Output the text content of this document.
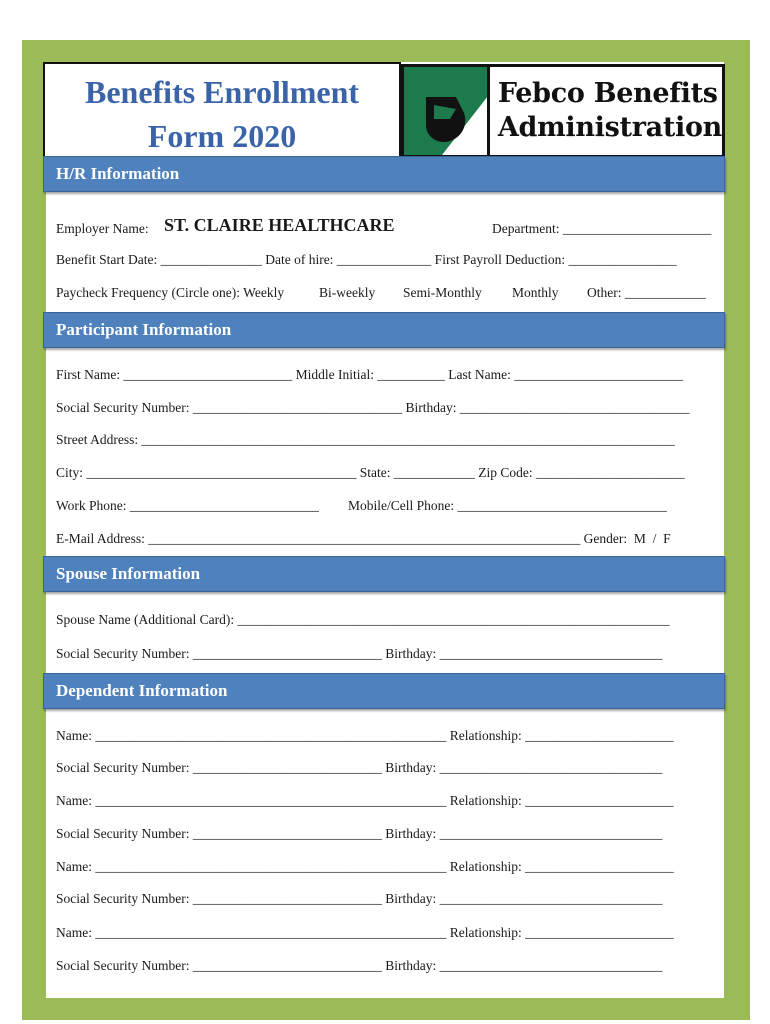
Benefits Enrollment
Form 2020
Febco Benefits
Administration
H/R Information

Employer Name:

ST. CLAIRE HEALTHCARE

	Department: ______________________

Benefit Start Date: _______________ Date of hire: ______________ First Payroll Deduction: ________________

Paycheck Frequency (Circle one): Weekly

	Bi-weekly

Semi-Monthly

Monthly

Other: ____________

Participant Information
First Name: _________________________ Middle Initial: __________ Last Name: _________________________
Social Security Number: _______________________________ Birthday: __________________________________
Street Address: _______________________________________________________________________________
City: ________________________________________ State: ____________ Zip Code: ______________________

Work Phone: ____________________________

Mobile/Cell Phone: _______________________________

E-Mail Address: ________________________________________________________________ Gender:  M  /  F
Spouse Information
Spouse Name (Additional Card): ________________________________________________________________
Social Security Number: ____________________________ Birthday: _________________________________
Dependent Information
Name: ____________________________________________________ Relationship: ______________________
Social Security Number: ____________________________ Birthday: _________________________________
Name: ____________________________________________________ Relationship: ______________________
Social Security Number: ____________________________ Birthday: _________________________________
Name: ____________________________________________________ Relationship: ______________________
Social Security Number: ____________________________ Birthday: _________________________________
Name: ____________________________________________________ Relationship: ______________________
Social Security Number: ____________________________ Birthday: _________________________________
